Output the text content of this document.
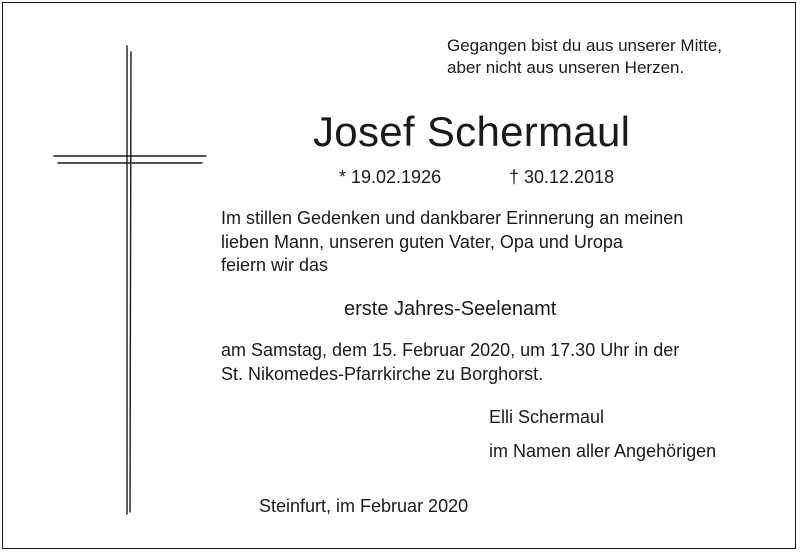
Gegangen bist du aus unserer Mitte,
aber nicht aus unseren Herzen.
Josef Schermaul
* 19.02.1926	† 30.12.2018
Im stillen Gedenken und dankbarer Erinnerung an meinen
lieben Mann, unseren guten Vater, Opa und Uropa
feiern wir das
erste Jahres-Seelenamt
am Samstag, dem 15. Februar 2020, um 17.30 Uhr in der
St. Nikomedes-Pfarrkirche zu Borghorst.
Elli Schermaul
im Namen aller Angehörigen
Steinfurt, im Februar 2020
